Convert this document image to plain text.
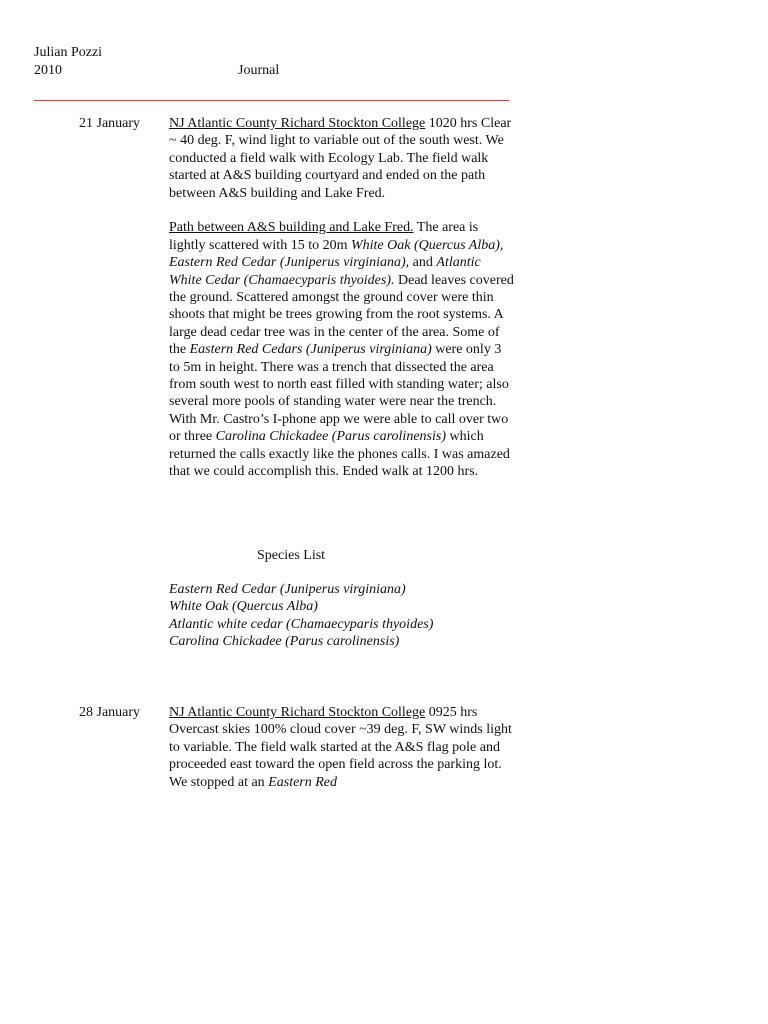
Julian Pozzi
2010	Journal
21 January	NJ Atlantic County Richard Stockton College 1020 hrs Clear ~ 40 deg. F, wind light to variable out of the south west. We conducted a field walk with Ecology Lab. The field walk started at A&S building courtyard and ended on the path between A&S building and Lake Fred.

Path between A&S building and Lake Fred. The area is lightly scattered with 15 to 20m White Oak (Quercus Alba), Eastern Red Cedar (Juniperus virginiana), and Atlantic White Cedar (Chamaecyparis thyoides). Dead leaves covered the ground. Scattered amongst the ground cover were thin shoots that might be trees growing from the root systems. A large dead cedar tree was in the center of the area. Some of the Eastern Red Cedars (Juniperus virginiana) were only 3 to 5m in height. There was a trench that dissected the area from south west to north east filled with standing water; also several more pools of standing water were near the trench. With Mr. Castro’s I-phone app we were able to call over two or three Carolina Chickadee (Parus carolinensis) which returned the calls exactly like the phones calls. I was amazed that we could accomplish this. Ended walk at 1200 hrs.

Species List
Eastern Red Cedar (Juniperus virginiana)
White Oak (Quercus Alba)
Atlantic white cedar (Chamaecyparis thyoides)
Carolina Chickadee (Parus carolinensis)
28 January	NJ Atlantic County Richard Stockton College 0925 hrs Overcast skies 100% cloud cover ~39 deg. F, SW winds light to variable. The field walk started at the A&S flag pole and proceeded east toward the open field across the parking lot. We stopped at an Eastern Red
